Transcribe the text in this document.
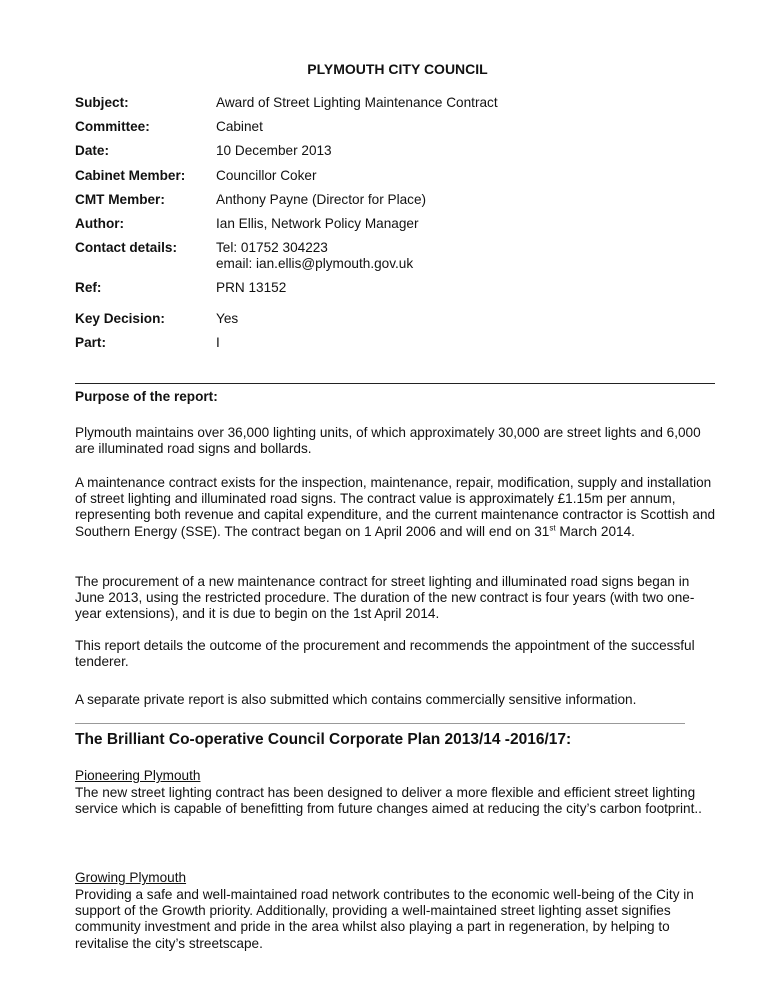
PLYMOUTH CITY COUNCIL
Subject:	Award of Street Lighting Maintenance Contract
Committee:	Cabinet
Date:	10 December 2013
Cabinet Member: Councillor Coker
CMT Member:	Anthony Payne (Director for Place)
Author:	Ian Ellis, Network Policy Manager
Contact details:	Tel: 01752 304223
email: ian.ellis@plymouth.gov.uk
Ref:	PRN 13152
Key Decision:	Yes
Part:	I
Purpose of the report:
Plymouth maintains over 36,000 lighting units, of which approximately 30,000 are street lights and 6,000 are illuminated road signs and bollards.
A maintenance contract exists for the inspection, maintenance, repair, modification, supply and installation of street lighting and illuminated road signs. The contract value is approximately £1.15m per annum, representing both revenue and capital expenditure, and the current maintenance contractor is Scottish and Southern Energy (SSE). The contract began on 1 April 2006 and will end on 31st March 2014.
The procurement of a new maintenance contract for street lighting and illuminated road signs began in June 2013, using the restricted procedure. The duration of the new contract is four years (with two one-year extensions), and it is due to begin on the 1st April 2014.
This report details the outcome of the procurement and recommends the appointment of the successful tenderer.
A separate private report is also submitted which contains commercially sensitive information.
The Brilliant Co-operative Council Corporate Plan 2013/14 -2016/17:
Pioneering Plymouth
The new street lighting contract has been designed to deliver a more flexible and efficient street lighting service which is capable of benefitting from future changes aimed at reducing the city’s carbon footprint..
Growing Plymouth
Providing a safe and well-maintained road network contributes to the economic well-being of the City in support of the Growth priority. Additionally, providing a well-maintained street lighting asset signifies community investment and pride in the area whilst also playing a part in regeneration, by helping to revitalise the city’s streetscape.
